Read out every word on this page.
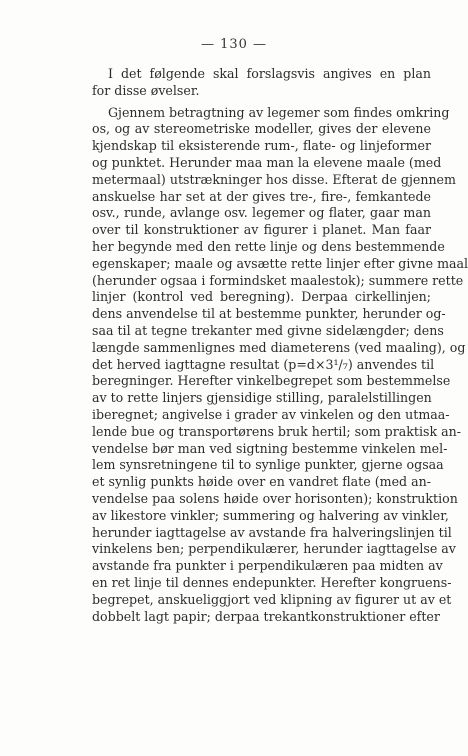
— 130 —
I det følgende skal forslagsvis angives en plan
for disse øvelser.
Gjennem betragtning av legemer som findes omkring
os, og av stereometriske modeller, gives der elevene
kjendskap til eksisterende rum-, flate- og linjeformer
og punktet. Herunder maa man la elevene maale (med
metermaal) utstrækninger hos disse. Efterat de gjennem
anskuelse har set at der gives tre-, fire-, femkantede
osv., runde, avlange osv. legemer og flater, gaar man
over til konstruktioner av figurer i planet. Man faar
her begynde med den rette linje og dens bestemmende
egenskaper; maale og avsætte rette linjer efter givne maal
(herunder ogsaa i formindsket maalestok); summere rette
linjer (kontrol ved beregning). Derpaa cirkellinjen;
dens anvendelse til at bestemme punkter, herunder og-
saa til at tegne trekanter med givne sidelængder; dens
længde sammenlignes med diameterens (ved maaling), og
det herved iagttagne resultat (p=d×3¹/₇) anvendes til
beregninger. Herefter vinkelbegrepet som bestemmelse
av to rette linjers gjensidige stilling, paralelstillingen
iberegnet; angivelse i grader av vinkelen og den utmaa-
lende bue og transportørens bruk hertil; som praktisk an-
vendelse bør man ved sigtning bestemme vinkelen mel-
lem synsretningene til to synlige punkter, gjerne ogsaa
et synlig punkts høide over en vandret flate (med an-
vendelse paa solens høide over horisonten); konstruktion
av likestore vinkler; summering og halvering av vinkler,
herunder iagttagelse av avstande fra halveringslinjen til
vinkelens ben; perpendikulærer, herunder iagttagelse av
avstande fra punkter i perpendikulæren paa midten av
en ret linje til dennes endepunkter. Herefter kongruens-
begrepet, anskueliggjort ved klipning av figurer ut av et
dobbelt lagt papir; derpaa trekantkonstruktioner efter
